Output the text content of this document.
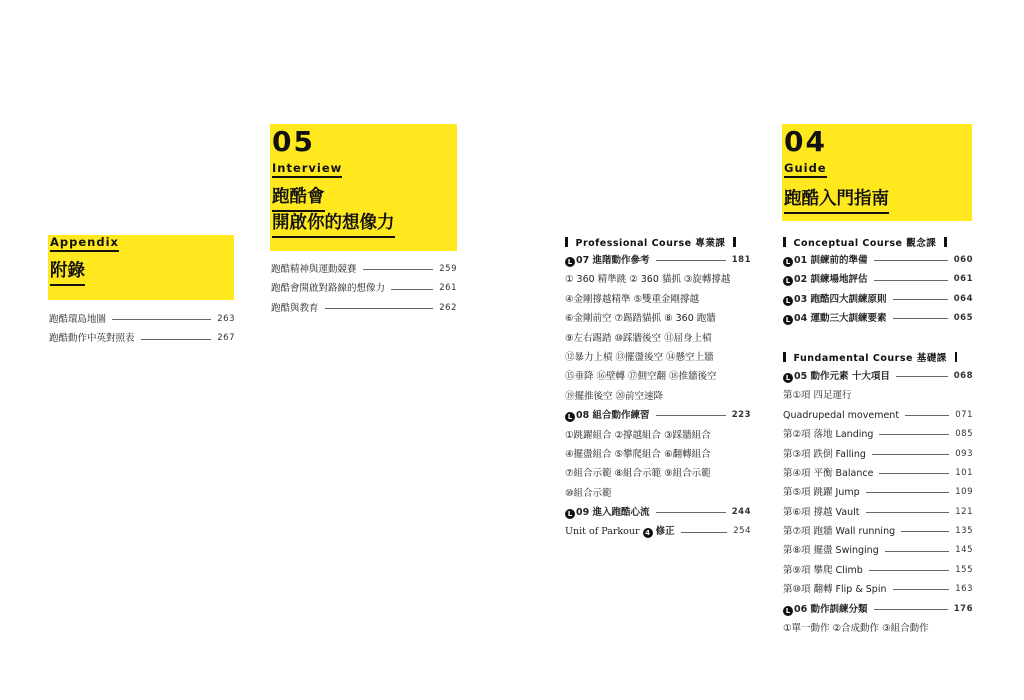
Appendix
附錄
跑酷環島地圖	263
跑酷動作中英對照表	267
05
Interview
跑酷會
開啟你的想像力
跑酷精神與運動競賽	259
跑酷會開啟對路線的想像力	261
跑酷與教育	262
Professional Course 專業課
L 07 進階動作參考	181
① 360 精準跳 ② 360 貓抓 ③旋轉撐越
④金剛撐越精準 ⑤雙重金剛撐越
⑥金剛前空 ⑦踢踏貓抓 ⑧ 360 跑牆
⑨左右踢踏 ⑩踩牆後空 ⑪屈身上槓
⑫暴力上槓 ⑬擺盪後空 ⑭懸空上牆
⑮垂降 ⑯壁轉 ⑰側空翻 ⑱推牆後空
⑲擺推後空 ⑳前空速降
L 08 組合動作練習	223
①跳躍組合 ②撐越組合 ③踩牆組合
④擺盪組合 ⑤攀爬組合 ⑥翻轉組合
⑦組合示範 ⑧組合示範 ⑨組合示範
⑩組合示範
L 09 進入跑酷心流	244
Unit of Parkour 4 修正	254
04
Guide
跑酷入門指南
Conceptual Course 觀念課
L 01 訓練前的準備	060
L 02 訓練場地評估	061
L 03 跑酷四大訓練原則	064
L 04 運動三大訓練要素	065
Fundamental Course 基礎課
L 05 動作元素 十大項目	068
第①項 四足運行
Quadrupedal movement	071
第②項 落地 Landing	085
第③項 跌倒 Falling	093
第④項 平衡 Balance	101
第⑤項 跳躍 Jump	109
第⑥項 撐越 Vault	121
第⑦項 跑牆 Wall running	135
第⑧項 擺盪 Swinging	145
第⑨項 攀爬 Climb	155
第⑩項 翻轉 Flip & Spin	163
L 06 動作訓練分類	176
①單一動作 ②合成動作 ③組合動作
